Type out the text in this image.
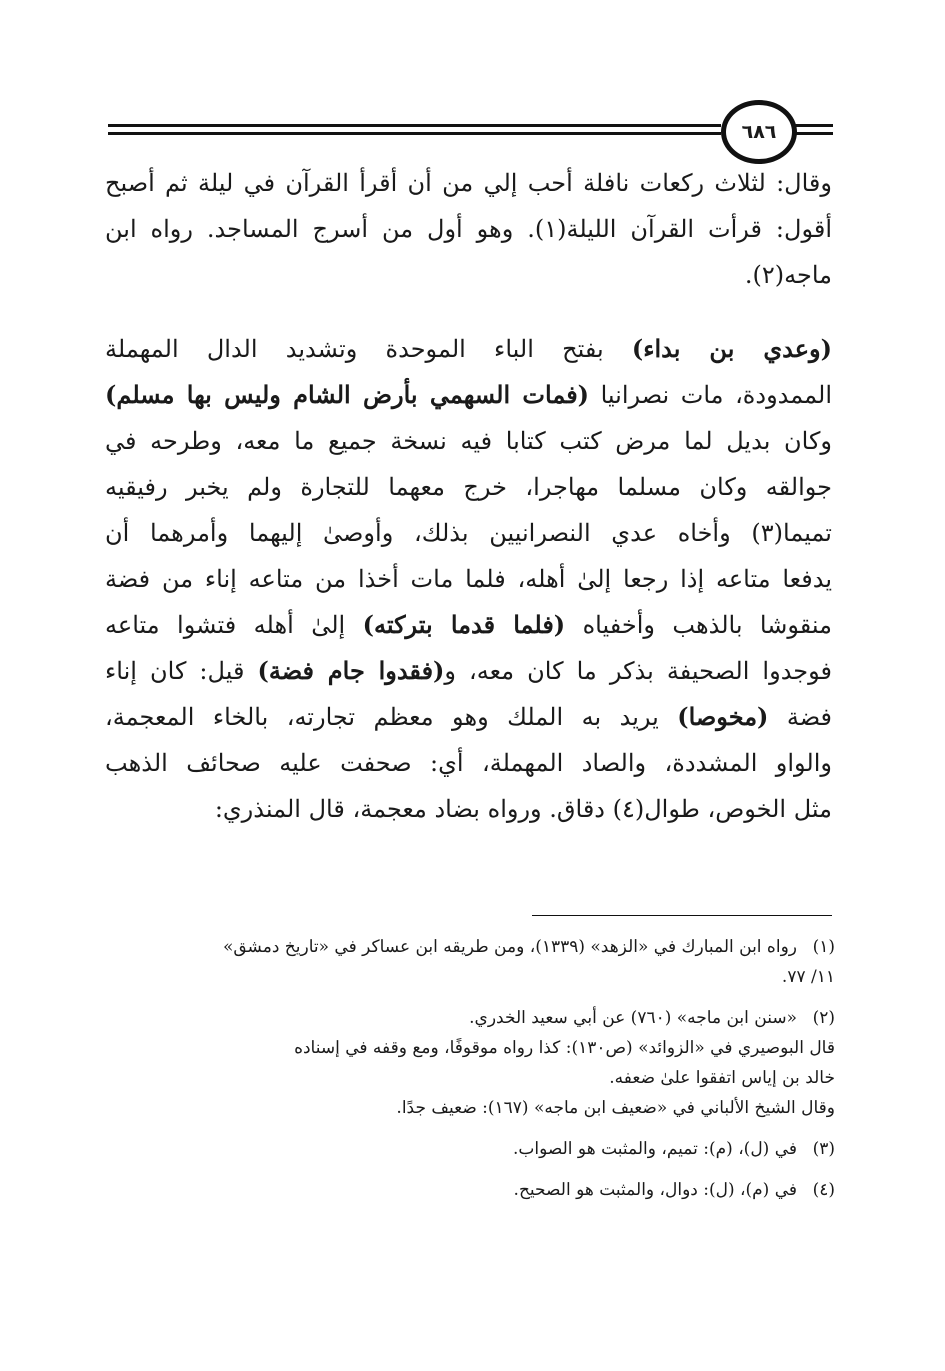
٦٨٦
وقال: لثلاث ركعات نافلة أحب إلي من أن أقرأ القرآن في ليلة ثم أصبح
أقول: قرأت القرآن الليلة(١). وهو أول من أسرج المساجد. رواه ابن
ماجه(٢).
(وعدي بن بداء) بفتح الباء الموحدة وتشديد الدال المهملة
الممدودة، مات نصرانيا (فمات السهمي بأرض الشام وليس بها مسلم)
وكان بديل لما مرض كتب كتابا فيه نسخة جميع ما معه، وطرحه في
جوالقه وكان مسلما مهاجرا، خرج معهما للتجارة ولم يخبر رفيقيه
تميما(٣) وأخاه عدي النصرانيين بذلك، وأوصىٰ إليهما وأمرهما أن
يدفعا متاعه إذا رجعا إلىٰ أهله، فلما مات أخذا من متاعه إناء من فضة
منقوشا بالذهب وأخفياه (فلما قدما بتركته) إلىٰ أهله فتشوا متاعه
فوجدوا الصحيفة بذكر ما كان معه، و(فقدوا جام فضة) قيل: كان إناء
فضة (مخوصا) يريد به الملك وهو معظم تجارته، بالخاء المعجمة،
والواو المشددة، والصاد المهملة، أي: صحفت عليه صحائف الذهب
مثل الخوص، طوال(٤) دقاق. ورواه بضاد معجمة، قال المنذري:
(١)رواه ابن المبارك في «الزهد» (١٣٣٩)، ومن طريقه ابن عساكر في «تاريخ دمشق»
١١/ ٧٧.
(٢)«سنن ابن ماجه» (٧٦٠) عن أبي سعيد الخدري.
قال البوصيري في «الزوائد» (ص١٣٠): كذا رواه موقوفًا، ومع وقفه في إسناده
خالد بن إياس اتفقوا علىٰ ضعفه.
وقال الشيخ الألباني في «ضعيف ابن ماجه» (١٦٧): ضعيف جدًا.
(٣)في (ل)، (م): تميم، والمثبت هو الصواب.
(٤)في (م)، (ل): دوال، والمثبت هو الصحيح.
